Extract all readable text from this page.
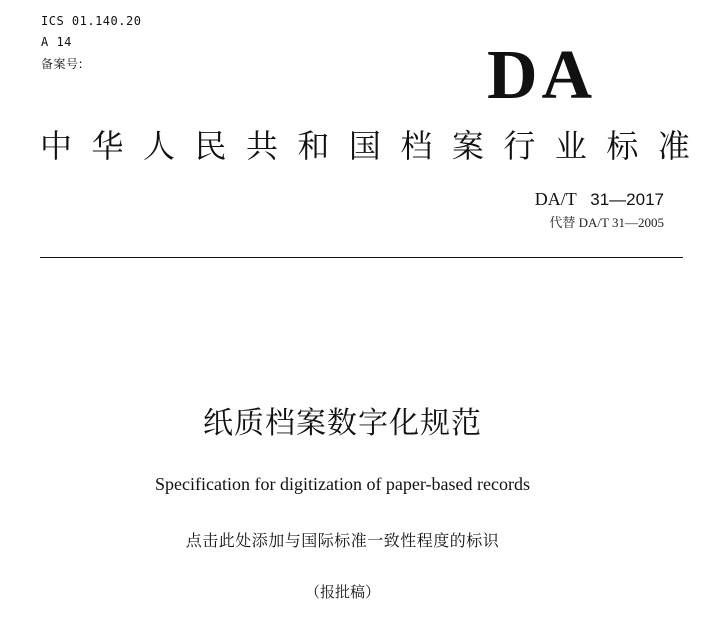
ICS 01.140.20
A 14
备案号:	DA
中 华 人 民 共 和 国 档 案 行 业 标 准
DA/T 31—2017
代替 DA/T 31—2005
纸质档案数字化规范
Specification for digitization of paper-based records
点击此处添加与国际标准一致性程度的标识
（报批稿）
